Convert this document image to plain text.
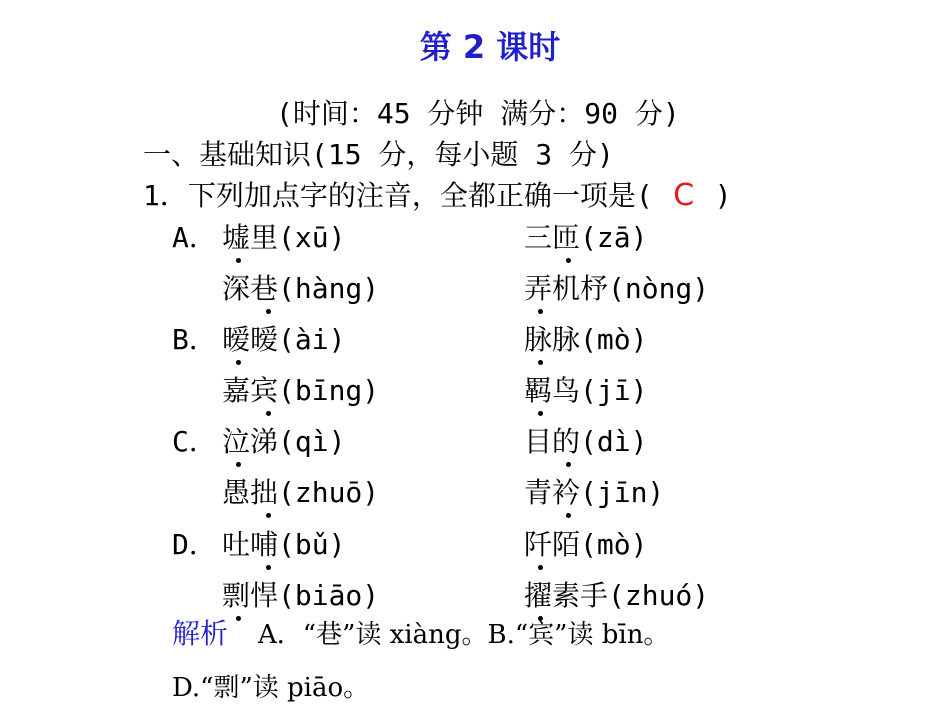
第 2 课时
(时间：45 分钟 满分：90 分)
一、基础知识(15 分，每小题 3 分)
1．下列加点字的注音，全都正确一项是( C )
A． 墟里(xū)	三匝(zā)
深巷(hàng)	弄机杼(nòng)
B． 暧暧(ài)	脉脉(mò)
嘉宾(bīng)	羁鸟(jī)
C． 泣涕(qì)	目的(dì)
愚拙(zhuō)	青衿(jīn)
D． 吐哺(bǔ)	阡陌(mò)
剽悍(biāo)	擢素手(zhuó)
解析 A．“巷”读 xiàng。B.“宾”读 bīn。
D.“剽”读 piāo。
